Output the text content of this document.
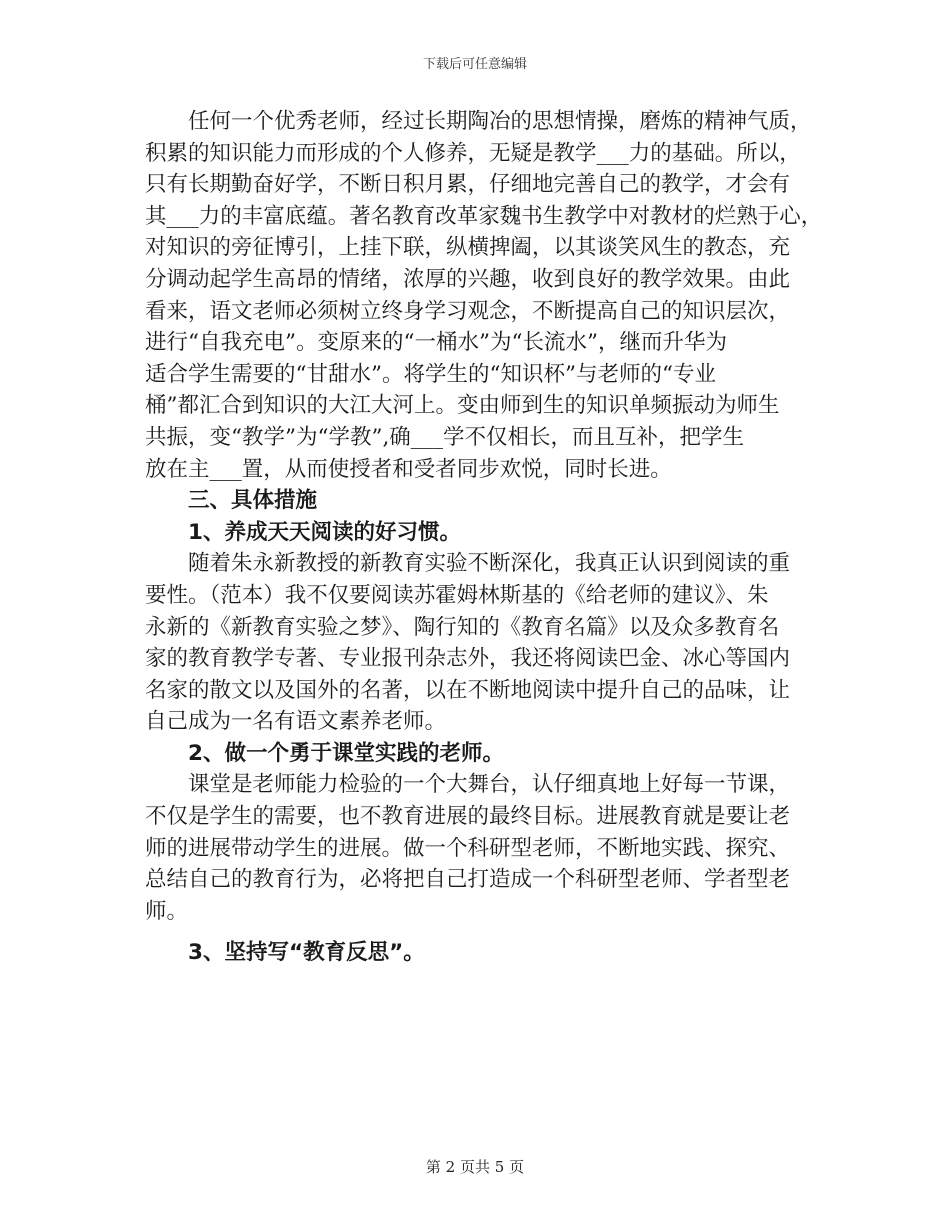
下载后可任意编辑

任何一个优秀老师，经过长期陶冶的思想情操，磨炼的精神气质，
积累的知识能力而形成的个人修养，无疑是教学___力的基础。所以，
只有长期勤奋好学，不断日积月累，仔细地完善自己的教学，才会有
其___力的丰富底蕴。著名教育改革家魏书生教学中对教材的烂熟于心，
对知识的旁征博引，上挂下联，纵横捭阖，以其谈笑风生的教态，充
分调动起学生高昂的情绪，浓厚的兴趣，收到良好的教学效果。由此
看来，语文老师必须树立终身学习观念，不断提高自己的知识层次，
进行“自我充电”。变原来的“一桶水”为“长流水”，继而升华为
适合学生需要的“甘甜水”。将学生的“知识杯”与老师的“专业
桶”都汇合到知识的大江大河上。变由师到生的知识单频振动为师生
共振，变“教学”为“学教”,确___学不仅相长，而且互补，把学生
放在主___置，从而使授者和受者同步欢悦，同时长进。

三、具体措施

1、养成天天阅读的好习惯。

随着朱永新教授的新教育实验不断深化，我真正认识到阅读的重
要性。（范本）我不仅要阅读苏霍姆林斯基的《给老师的建议》、朱
永新的《新教育实验之梦》、陶行知的《教育名篇》以及众多教育名
家的教育教学专著、专业报刊杂志外，我还将阅读巴金、冰心等国内
名家的散文以及国外的名著，以在不断地阅读中提升自己的品味，让
自己成为一名有语文素养老师。

2、做一个勇于课堂实践的老师。

课堂是老师能力检验的一个大舞台，认仔细真地上好每一节课，
不仅是学生的需要，也不教育进展的最终目标。进展教育就是要让老
师的进展带动学生的进展。做一个科研型老师，不断地实践、探究、
总结自己的教育行为，必将把自己打造成一个科研型老师、学者型老
师。

3、坚持写“教育反思”。

第 2 页共 5 页
